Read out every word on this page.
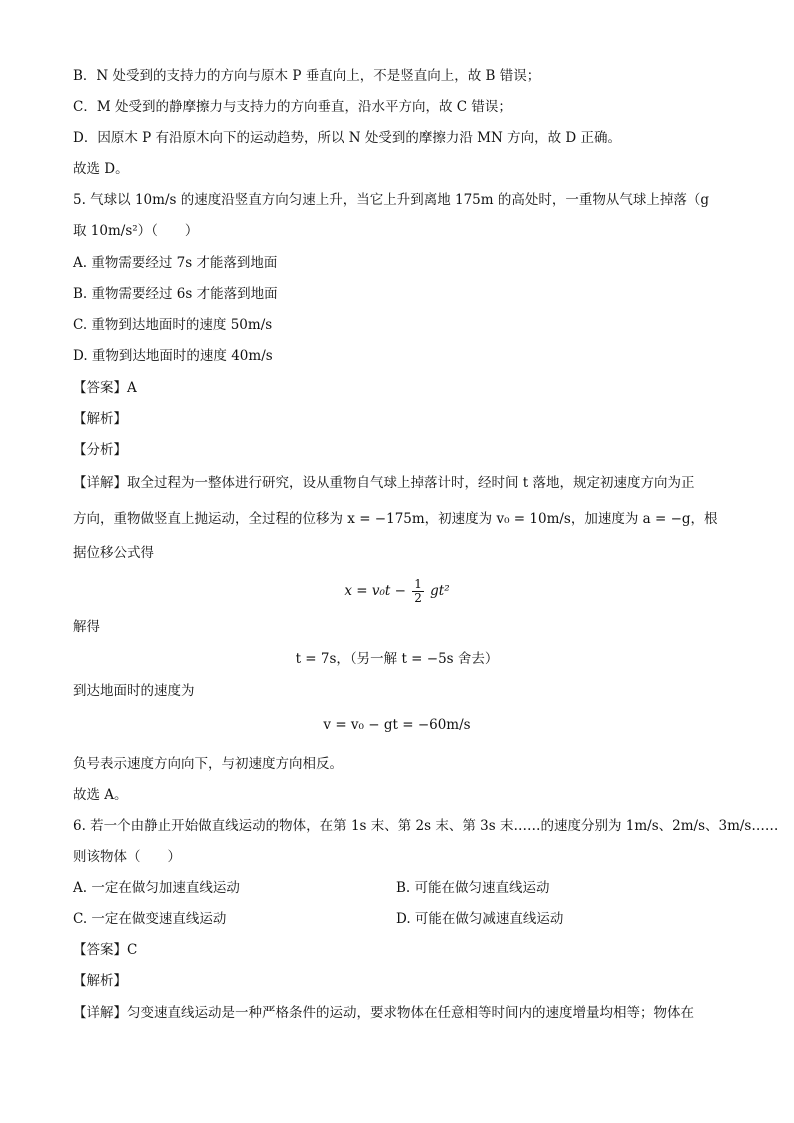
B．N 处受到的支持力的方向与原木 P 垂直向上，不是竖直向上，故 B 错误；
C．M 处受到的静摩擦力与支持力的方向垂直，沿水平方向，故 C 错误；
D．因原木 P 有沿原木向下的运动趋势，所以 N 处受到的摩擦力沿 MN 方向，故 D 正确。
故选 D。
5. 气球以 10m/s 的速度沿竖直方向匀速上升，当它上升到离地 175m 的高处时，一重物从气球上掉落（g
取 10m/s²）（　　）
A. 重物需要经过 7s 才能落到地面
B. 重物需要经过 6s 才能落到地面
C. 重物到达地面时的速度 50m/s
D. 重物到达地面时的速度 40m/s
【答案】A
【解析】
【分析】
【详解】取全过程为一整体进行研究，设从重物自气球上掉落计时，经时间 t 落地，规定初速度方向为正
方向，重物做竖直上抛运动，全过程的位移为 x = −175m，初速度为 v₀ = 10m/s，加速度为 a = −g，根
据位移公式得
$x = v_0t - \frac{1}{2} gt^2$
解得
t = 7s，（另一解 t = −5s 舍去）
到达地面时的速度为
v = v₀ − gt = −60m/s
负号表示速度方向向下，与初速度方向相反。
故选 A。
6. 若一个由静止开始做直线运动的物体，在第 1s 末、第 2s 末、第 3s 末……的速度分别为 1m/s、2m/s、3m/s……
则该物体（　　）
A. 一定在做匀加速直线运动	B. 可能在做匀速直线运动
C. 一定在做变速直线运动	D. 可能在做匀减速直线运动
【答案】C
【解析】
【详解】匀变速直线运动是一种严格条件的运动，要求物体在任意相等时间内的速度增量均相等；物体在
